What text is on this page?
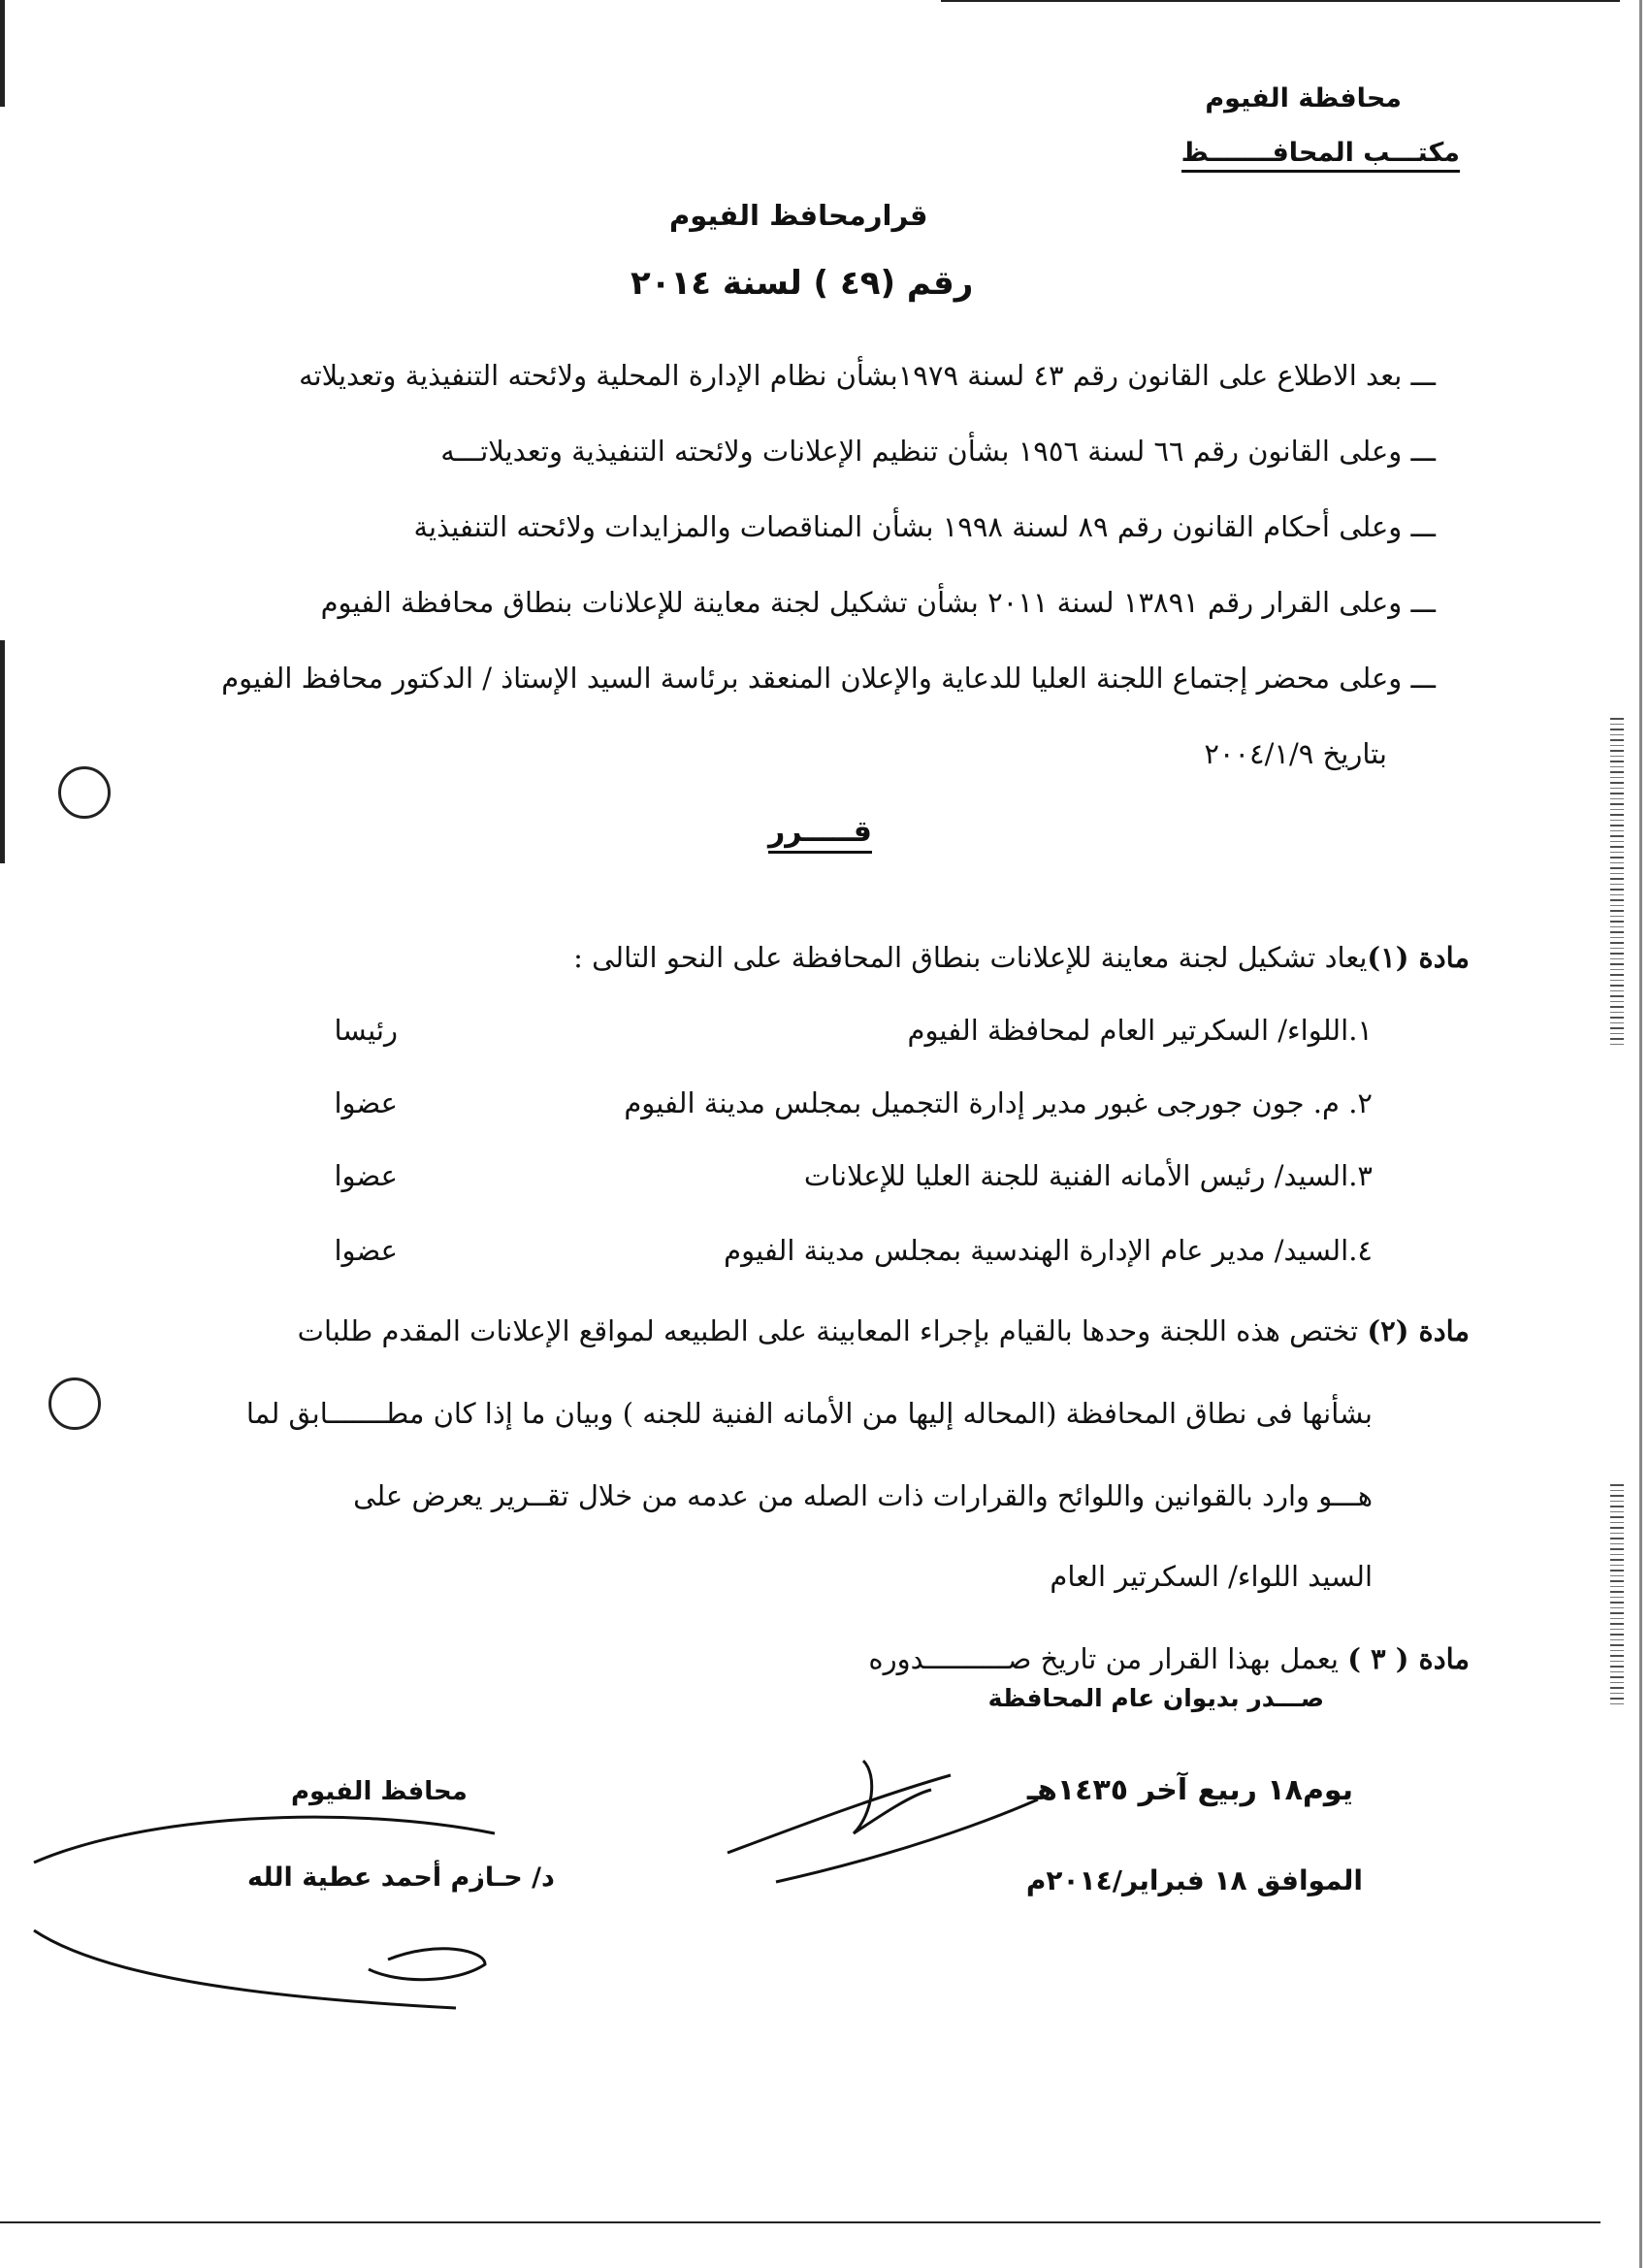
محافظة الفيوم
مكتـــب المحافـــــــظ
قرارمحافظ الفيوم
رقم (٤٩ ) لسنة ٢٠١٤
ـــ بعد الاطلاع على القانون رقم ٤٣ لسنة ١٩٧٩بشأن نظام الإدارة المحلية ولائحته التنفيذية وتعديلاته
ـــ وعلى القانون رقم ٦٦ لسنة ١٩٥٦ بشأن تنظيم الإعلانات ولائحته التنفيذية وتعديلاتـــه
ـــ وعلى أحكام القانون رقم ٨٩ لسنة ١٩٩٨ بشأن المناقصات والمزايدات ولائحته التنفيذية
ـــ وعلى القرار رقم ١٣٨٩١ لسنة ٢٠١١ بشأن تشكيل لجنة معاينة للإعلانات بنطاق محافظة الفيوم
ـــ وعلى محضر إجتماع اللجنة العليا للدعاية والإعلان المنعقد برئاسة السيد الإستاذ / الدكتور محافظ الفيوم
بتاريخ ٢٠٠٤/١/٩
قـــــرر
مادة (١)يعاد تشكيل لجنة معاينة للإعلانات بنطاق المحافظة على النحو التالى :
١.اللواء/ السكرتير العام لمحافظة الفيوم
رئيسا
٢. م. جون جورجى غبور مدير إدارة التجميل بمجلس مدينة الفيوم
عضوا
٣.السيد/ رئيس الأمانه الفنية للجنة العليا للإعلانات
عضوا
٤.السيد/ مدير عام الإدارة الهندسية بمجلس مدينة الفيوم
عضوا
مادة (٢) تختص هذه اللجنة وحدها بالقيام بإجراء المعابينة على الطبيعه لمواقع الإعلانات المقدم طلبات
بشأنها فى نطاق المحافظة (المحاله إليها من الأمانه الفنية للجنه ) وبيان ما إذا كان مطـــــــابق لما
هـــو وارد بالقوانين واللوائح والقرارات ذات الصله من عدمه من خلال تقــرير يعرض على
السيد اللواء/ السكرتير العام
مادة ( ٣ ) يعمل بهذا القرار من تاريخ صــــــــــدوره
صـــدر بديوان عام المحافظة
يوم١٨ ربيع آخر ١٤٣٥هـ
الموافق ١٨ فبراير/٢٠١٤م
محافظ الفيوم
د/ حـازم أحمد عطية الله
